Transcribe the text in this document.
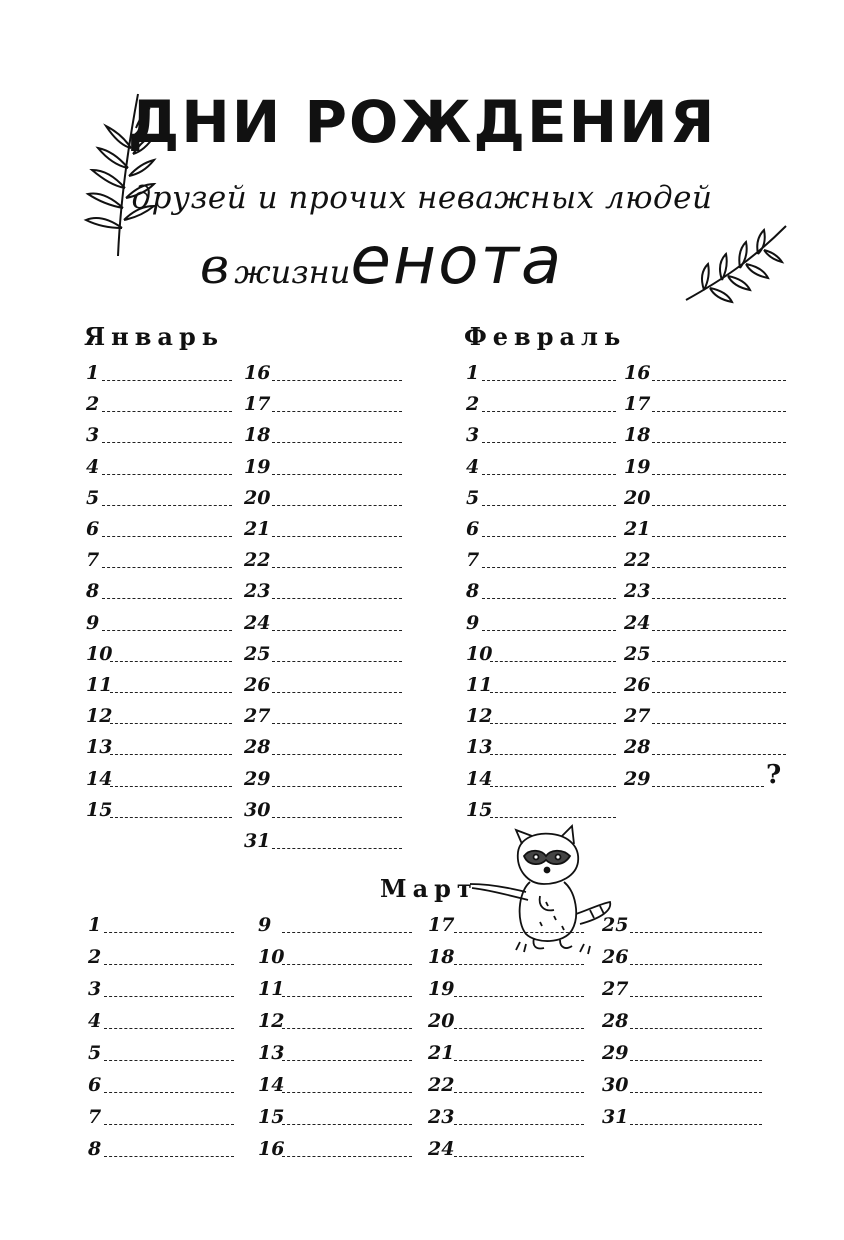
ДНИ РОЖДЕНИЯ
друзей и прочих неважных людей
в жизниенота
Январь	Февраль
Март
1
2
3
4
5
6
7
8
9
10
11
12
13
14
15
16
17
18
19
20
21
22
23
24
25
26
27
28
29
30
31
1
2
3
4
5
6
7
8
9
10
11
12
13
14
15
16
17
18
19
20
21
22
23
24
25
26
27
28
29
1
2
3
4
5
6
7
8
9
10
11
12
13
14
15
16
17
18
19
20
21
22
23
24
25
26
27
28
29
30
31
?
